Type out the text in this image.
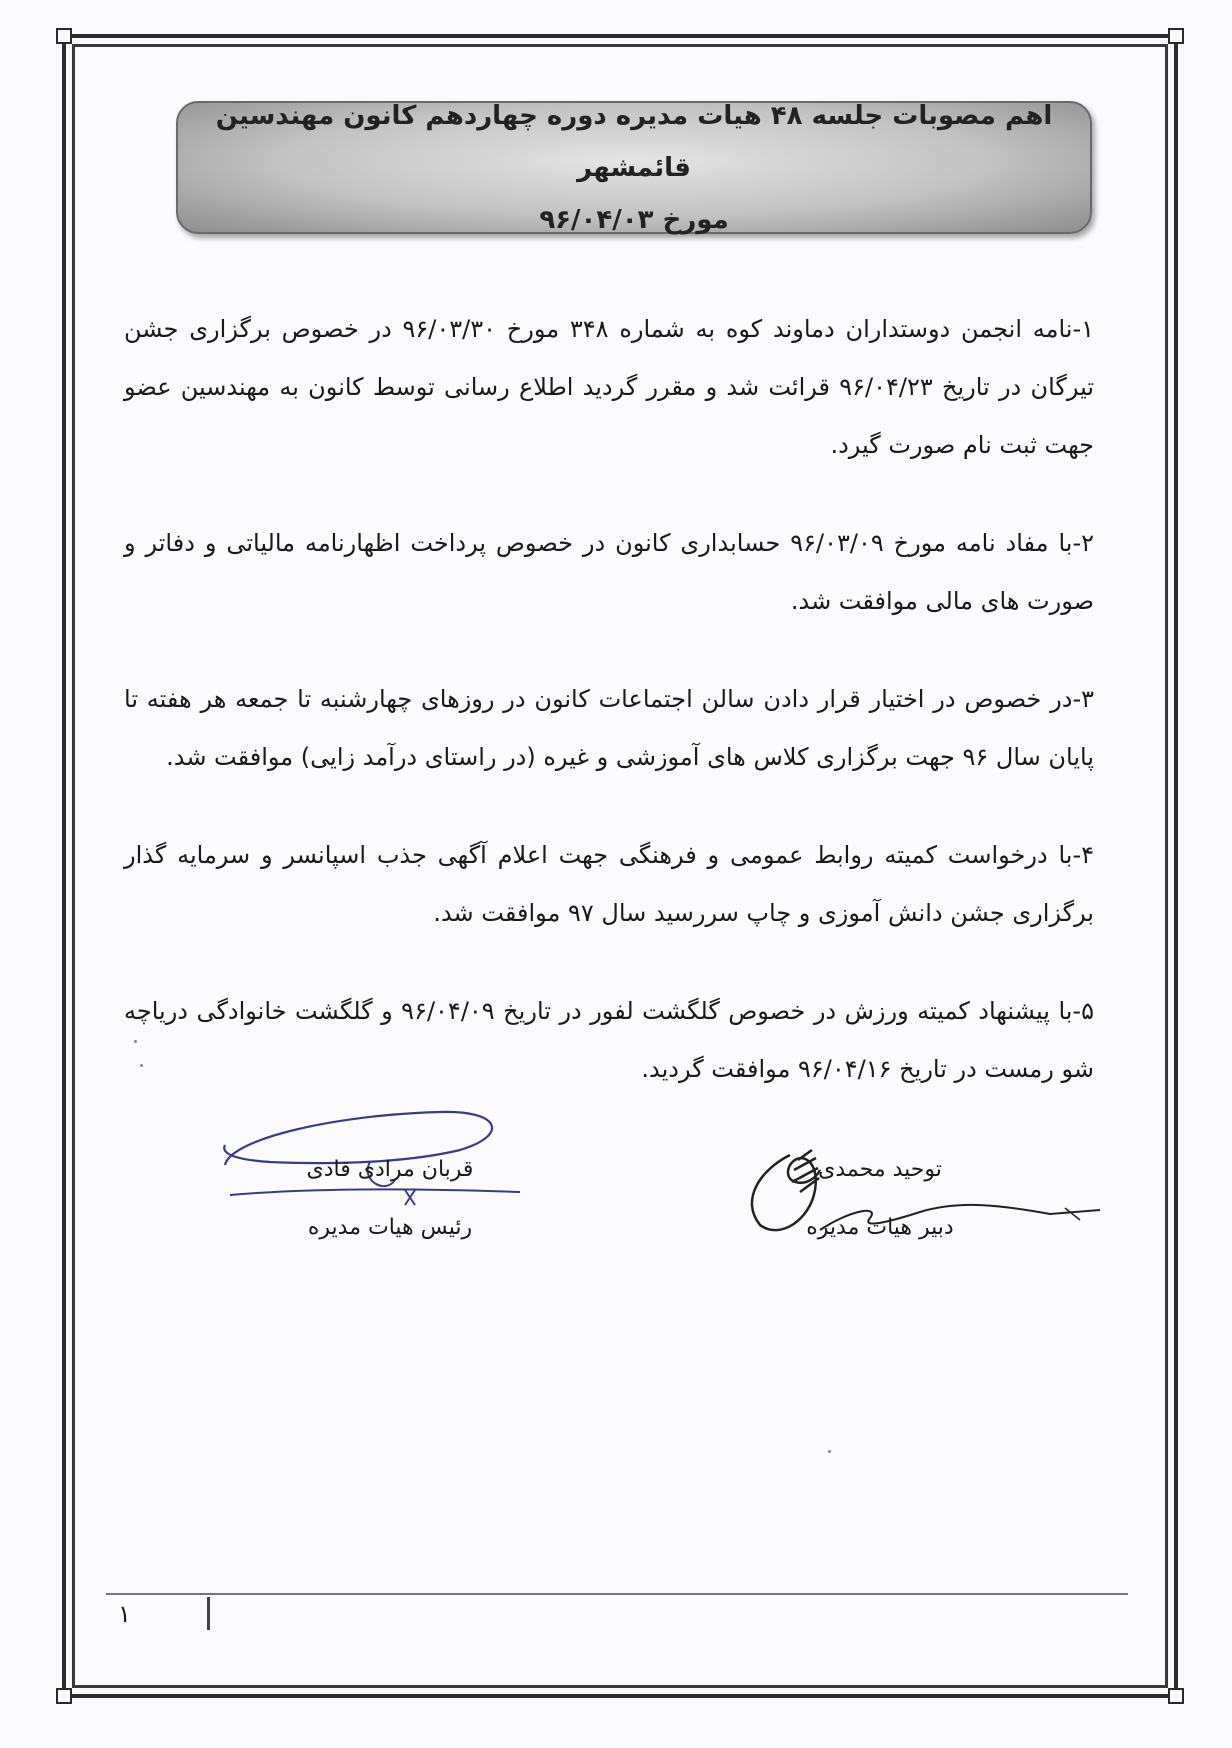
اهم مصوبات جلسه ۴۸ هیات مدیره دوره چهاردهم کانون مهندسین قائمشهر
مورخ ۹۶/۰۴/۰۳

۱-نامه انجمن دوستداران دماوند کوه به شماره ۳۴۸ مورخ ۹۶/۰۳/۳۰ در خصوص برگزاری جشن تیرگان در تاریخ ۹۶/۰۴/۲۳ قرائت شد و مقرر گردید اطلاع رسانی توسط کانون به مهندسین عضو جهت ثبت نام صورت گیرد.

۲-با مفاد نامه مورخ ۹۶/۰۳/۰۹ حسابداری کانون در خصوص پرداخت اظهارنامه مالیاتی و دفاتر و صورت های مالی موافقت شد.

۳-در خصوص در اختیار قرار دادن سالن اجتماعات کانون در روزهای چهارشنبه تا جمعه هر هفته تا پایان سال ۹۶ جهت برگزاری کلاس های آموزشی و غیره (در راستای درآمد زایی) موافقت شد.

۴-با درخواست کمیته روابط عمومی و فرهنگی جهت اعلام آگهی جذب اسپانسر و سرمایه گذار برگزاری جشن دانش آموزی و چاپ سررسید سال ۹۷ موافقت شد.

۵-با پیشنهاد کمیته ورزش در خصوص گلگشت لفور در تاریخ ۹۶/۰۴/۰۹ و گلگشت خانوادگی دریاچه شو رمست در تاریخ ۹۶/۰۴/۱۶ موافقت گردید.

توحید محمدی
دبیر هیات مدیره
قربان مرادی قادی
رئیس هیات مدیره
۱
